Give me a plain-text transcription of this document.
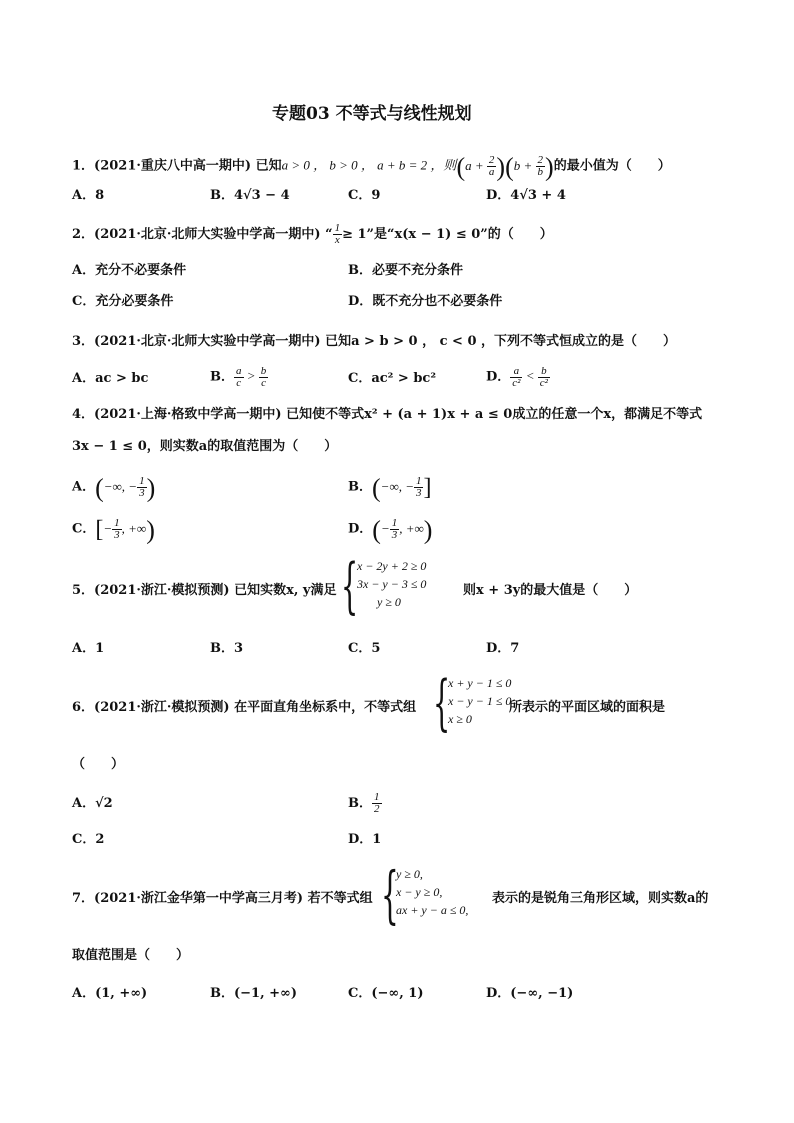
专题03 不等式与线性规划
1．(2021·重庆八中高一期中) 已知a > 0 ， b > 0 ， a + b = 2 ，则$(a + \frac{2}{a} )(b + \frac{2}{b}$ )的最小值为（　　）
A．8	B．4√3 − 4	C．9	D．4√3 + 4
2．(2021·北京·北师大实验中学高一期中) “ $\frac{1}{x} \ge 1$”是“x(x − 1) ≤ 0”的（　　）
A．充分不必要条件	B．必要不充分条件
C．充分必要条件	D．既不充分也不必要条件
3．(2021·北京·北师大实验中学高一期中) 已知a > b > 0 ， c < 0 ，下列不等式恒成立的是（　　）
A．ac > bc	B． $\frac{a}{c} > \frac{b}{c}$	C．ac² > bc²	D． $\frac{a}{\text{c²}} < \frac{b}{\text{c²}}$
4．(2021·上海·格致中学高一期中) 已知使不等式x² + (a + 1)x + a ≤ 0成立的任意一个x，都满足不等式
3x − 1 ≤ 0，则实数a的取值范围为（　　）
A．(−∞, − $\frac{1}{3}$ )	B．(−∞, − $\frac{1}{3}$ ]
C．[− $\frac{1}{3}$ , +∞)	D．(− $\frac{1}{3}$ , +∞)
5．(2021·浙江·模拟预测) 已知实数x, y满足 {
x − 2y + 2 ≥ 0
3x − y − 3 ≤ 0
y ≥ 0
则x + 3y的最大值是（　　）
A．1	B．3	C．5	D．7
6．(2021·浙江·模拟预测) 在平面直角坐标系中，不等式组 {
x + y − 1 ≤ 0
x − y − 1 ≤ 0
x ≥ 0
所表示的平面区域的面积是
（　　）
A．√2	B． $\frac{1}{2}$
C．2	D．1
7．(2021·浙江金华第一中学高三月考) 若不等式组 {
y ≥ 0,
x − y ≥ 0,
ax + y − a ≤ 0,
表示的是锐角三角形区域，则实数a的
取值范围是（　　）
A．(1, +∞)	B．(−1, +∞)	C．(−∞, 1)	D．(−∞, −1)
